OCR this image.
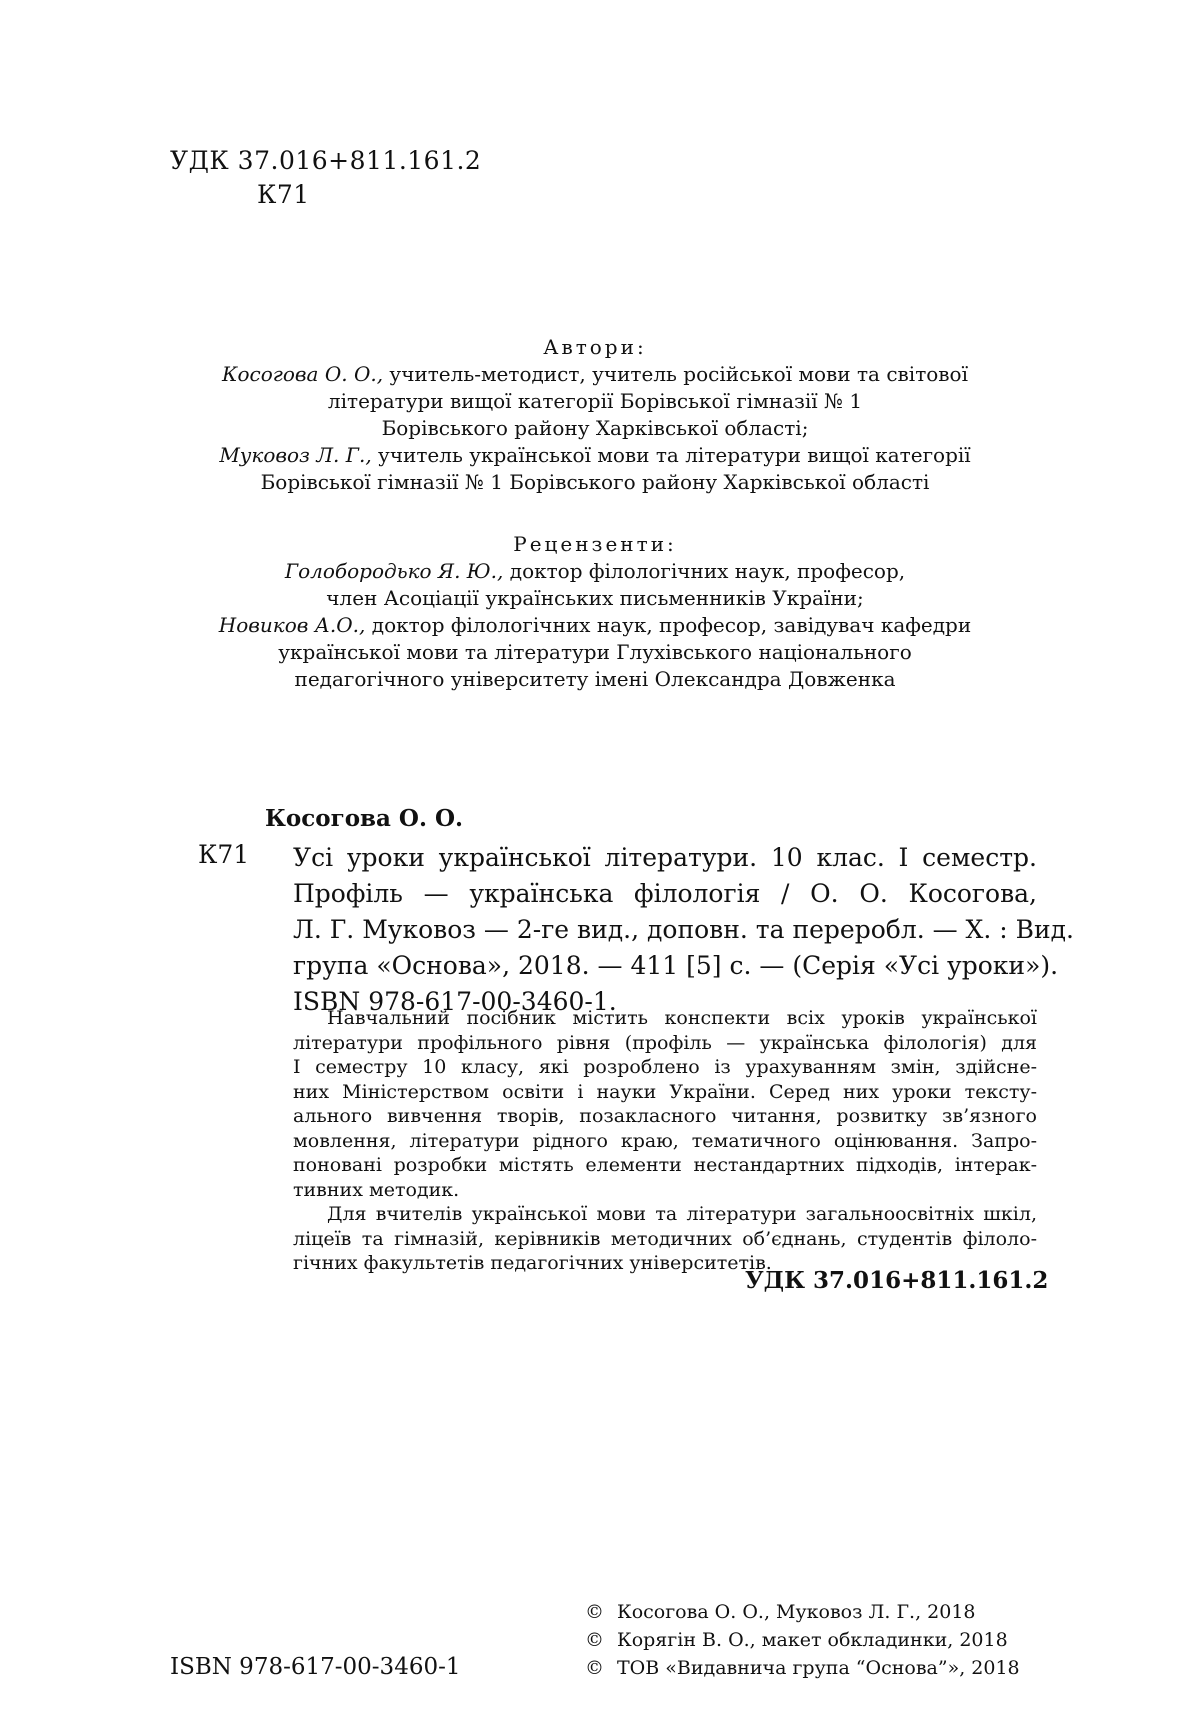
УДК 37.016+811.161.2
К71
Автори:
Косогова О. О., учитель-методист, учитель російської мови та світової
літератури вищої категорії Борівської гімназії № 1
Борівського району Харківської області;
Муковоз Л. Г., учитель української мови та літератури вищої категорії
Борівської гімназії № 1 Борівського району Харківської області
Рецензенти:
Голобородько Я. Ю., доктор філологічних наук, професор,
член Асоціації українських письменників України;
Новиков А.О., доктор філологічних наук, професор, завідувач кафедри
української мови та літератури Глухівського національного
педагогічного університету імені Олександра Довженка
Косогова О. О.
К71 Усі уроки української літератури. 10 клас. І семестр.
Профіль — українська філологія / О. О. Косогова,
Л. Г. Муковоз — 2-ге вид., доповн. та переробл. — Х. : Вид.
група «Основа», 2018. — 411 [5] с. — (Серія «Усі уроки»).
ISBN 978-617-00-3460-1.
Навчальний посібник містить конспекти всіх уроків української
літератури профільного рівня (профіль — українська філологія) для
І семестру 10 класу, які розроблено із урахуванням змін, здійсне-
них Міністерством освіти і науки України. Серед них уроки тексту-
ального вивчення творів, позакласного читання, розвитку зв’язного
мовлення, літератури рідного краю, тематичного оцінювання. Запро-
поновані розробки містять елементи нестандартних підходів, інтерак-
тивних методик.
Для вчителів української мови та літератури загальноосвітніх шкіл,
ліцеїв та гімназій, керівників методичних об’єднань, студентів філоло-
гічних факультетів педагогічних університетів.
УДК 37.016+811.161.2
ISBN 978-617-00-3460-1
© Косогова О. О., Муковоз Л. Г., 2018
© Корягін В. О., макет обкладинки, 2018
© ТОВ «Видавнича група “Основа”», 2018
